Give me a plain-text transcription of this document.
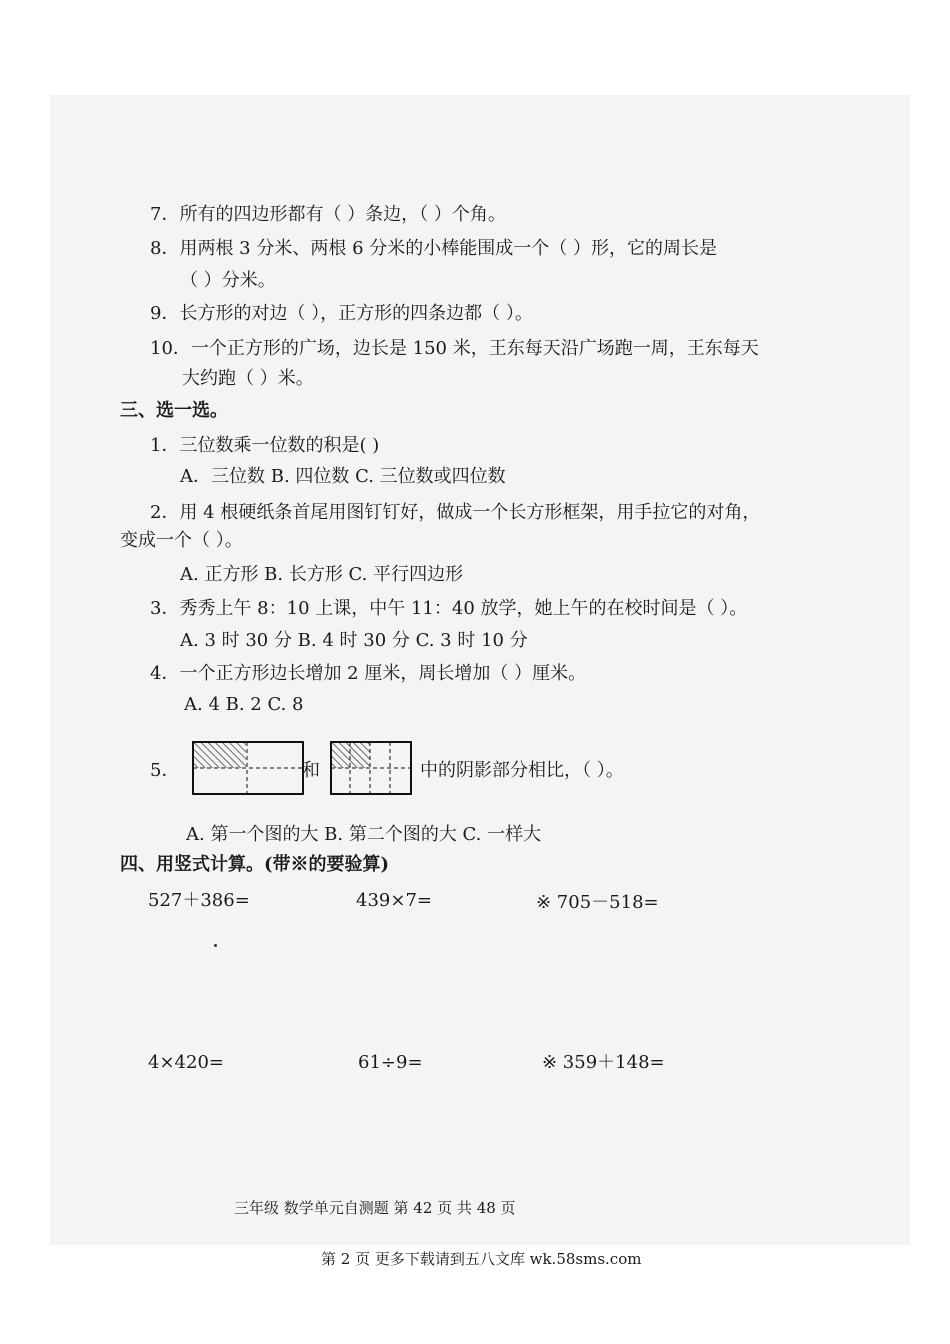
7．所有的四边形都有（ ）条边，（ ）个角。
8．用两根 3 分米、两根 6 分米的小棒能围成一个（ ）形，它的周长是
（ ）分米。
9．长方形的对边（ ），正方形的四条边都（ ）。
10．一个正方形的广场，边长是 150 米，王东每天沿广场跑一周，王东每天
大约跑（ ）米。
三、选一选。
1．三位数乘一位数的积是( )
A．三位数 B. 四位数 C. 三位数或四位数
2．用 4 根硬纸条首尾用图钉钉好，做成一个长方形框架，用手拉它的对角，
变成一个（ ）。
A. 正方形 B. 长方形 C. 平行四边形
3．秀秀上午 8：10 上课，中午 11：40 放学，她上午的在校时间是（ ）。
A. 3 时 30 分 B. 4 时 30 分 C. 3 时 10 分
4．一个正方形边长增加 2 厘米，周长增加（ ）厘米。
A. 4 B. 2 C. 8
5．	和	中的阴影部分相比，（ ）。
A. 第一个图的大 B. 第二个图的大 C. 一样大
四、用竖式计算。(带※的要验算)
527＋386=	439×7=	※ 705－518=
4×420=	61÷9=	※ 359＋148=
三年级 数学单元自测题 第 42 页 共 48 页
第 2 页 更多下载请到五八文库 wk.58sms.com
